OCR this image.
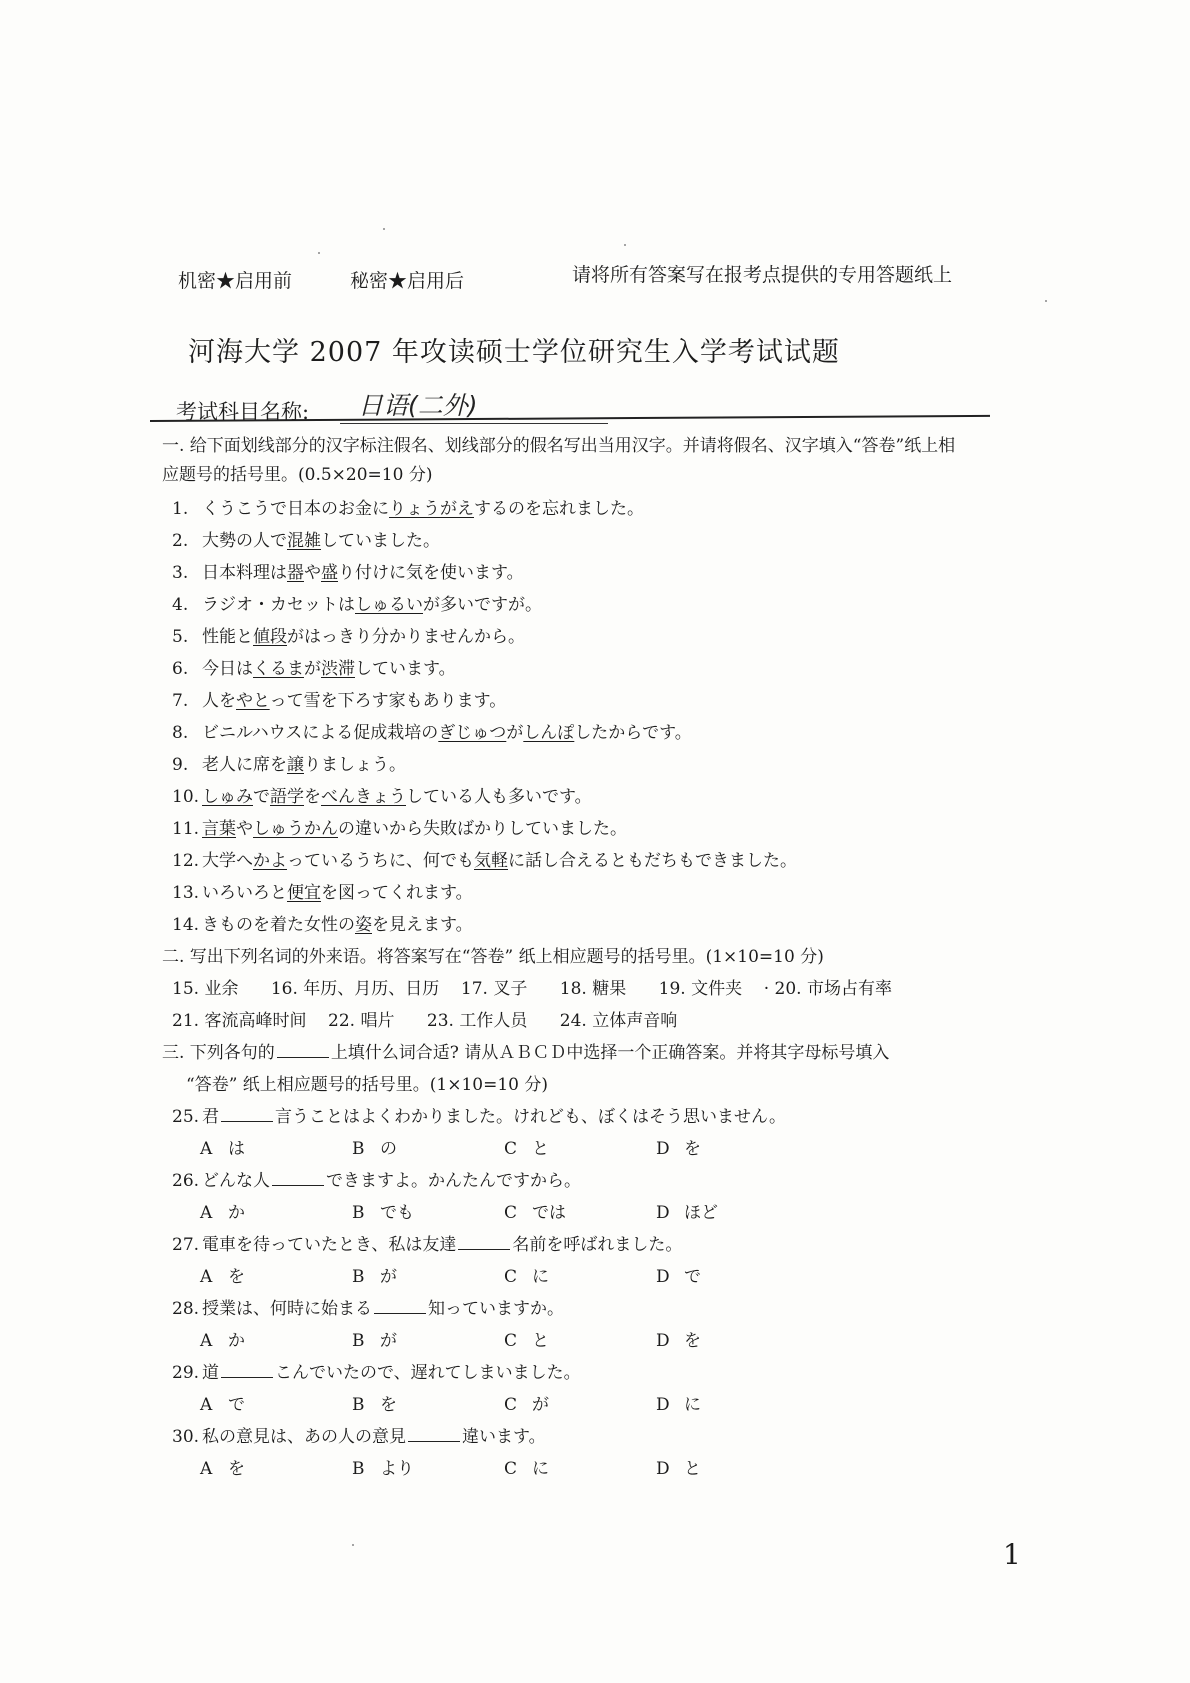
机密★启用前	秘密★启用后	请将所有答案写在报考点提供的专用答题纸上
河海大学 2007 年攻读硕士学位研究生入学考试试题
考试科目名称:	日语(二外)
一. 给下面划线部分的汉字标注假名、划线部分的假名写出当用汉字。并请将假名、汉字填入“答卷”纸上相应题号的括号里。(0.5×20=10 分)
1. くうこうで日本のお金にりょうがえするのを忘れました。
2. 大勢の人で混雑していました。
3. 日本料理は器や盛り付けに気を使います。
4. ラジオ・カセットはしゅるいが多いですが。
5. 性能と値段がはっきり分かりませんから。
6. 今日はくるまが渋滞しています。
7. 人をやとって雪を下ろす家もあります。
8. ビニルハウスによる促成栽培のぎじゅつがしんぽしたからです。
9. 老人に席を譲りましょう。
10. しゅみで語学をべんきょうしている人も多いです。
11. 言葉やしゅうかんの違いから失敗ばかりしていました。
12. 大学へかよっているうちに、何でも気軽に話し合えるともだちもできました。
13. いろいろと便宜を図ってくれます。
14. きものを着た女性の姿を見えます。
二. 写出下列名词的外来语。将答案写在“答卷” 纸上相应题号的括号里。(1×10=10 分)
15. 业余      16. 年历、月历、日历    17. 叉子      18. 糖果      19. 文件夹    · 20. 市场占有率
21. 客流高峰时间    22. 唱片      23. 工作人员      24. 立体声音响
三. 下列各句的	上填什么词合适? 请从ＡＢＣＤ中选择一个正确答案。并将其字母标号填入
“答卷” 纸上相应题号的括号里。(1×10=10 分)
25. 君	言うことはよくわかりました。けれども、ぼくはそう思いません。
A は	B の	C と	D を
26. どんな人	できますよ。かんたんですから。
A か	B でも	C では	D ほど
27. 電車を待っていたとき、私は友達	名前を呼ばれました。
A を	B が	C に	D で
28. 授業は、何時に始まる	知っていますか。
A か	B が	C と	D を
29. 道	こんでいたので、遅れてしまいました。
A で	B を	C が	D に
30. 私の意見は、あの人の意見	違います。
A を	B より	C に	D と
1
